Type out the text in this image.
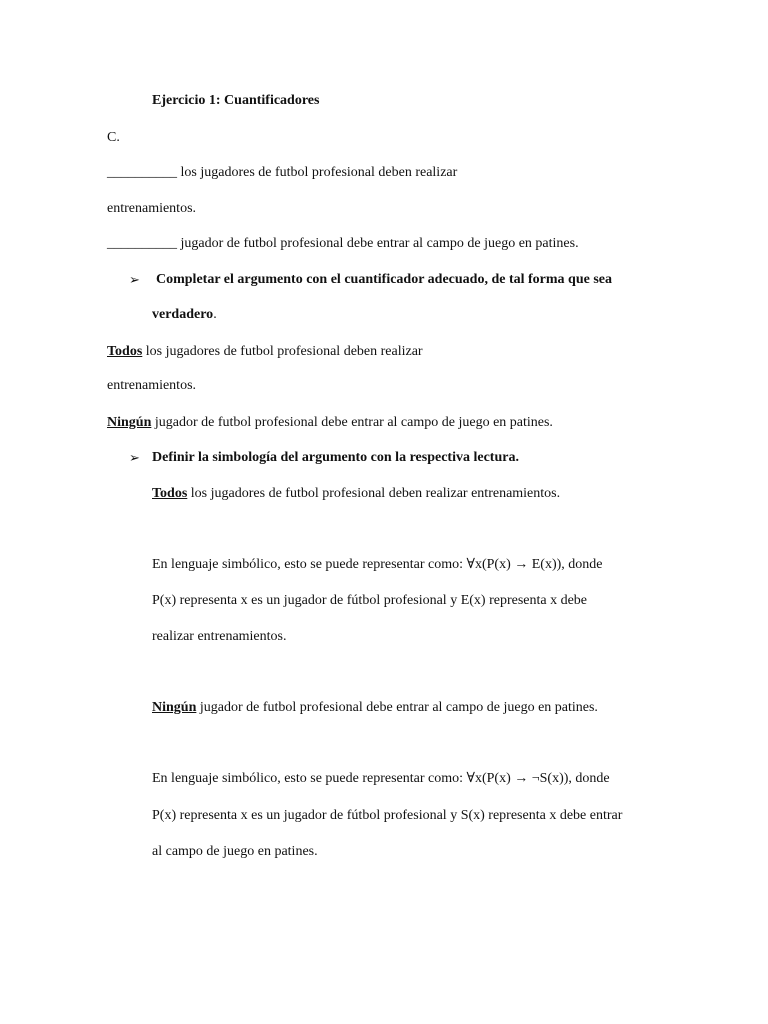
Ejercicio 1: Cuantificadores
C.
__________ los jugadores de futbol profesional deben realizar
entrenamientos.
__________ jugador de futbol profesional debe entrar al campo de juego en patines.
➢ Completar el argumento con el cuantificador adecuado, de tal forma que sea
verdadero.
Todos los jugadores de futbol profesional deben realizar
entrenamientos.
Ningún jugador de futbol profesional debe entrar al campo de juego en patines.
➢ Definir la simbología del argumento con la respectiva lectura.
Todos los jugadores de futbol profesional deben realizar entrenamientos.
En lenguaje simbólico, esto se puede representar como: ∀x(P(x) → E(x)), donde
P(x) representa x es un jugador de fútbol profesional y E(x) representa x debe
realizar entrenamientos.
Ningún jugador de futbol profesional debe entrar al campo de juego en patines.
En lenguaje simbólico, esto se puede representar como: ∀x(P(x) → ¬S(x)), donde
P(x) representa x es un jugador de fútbol profesional y S(x) representa x debe entrar
al campo de juego en patines.
